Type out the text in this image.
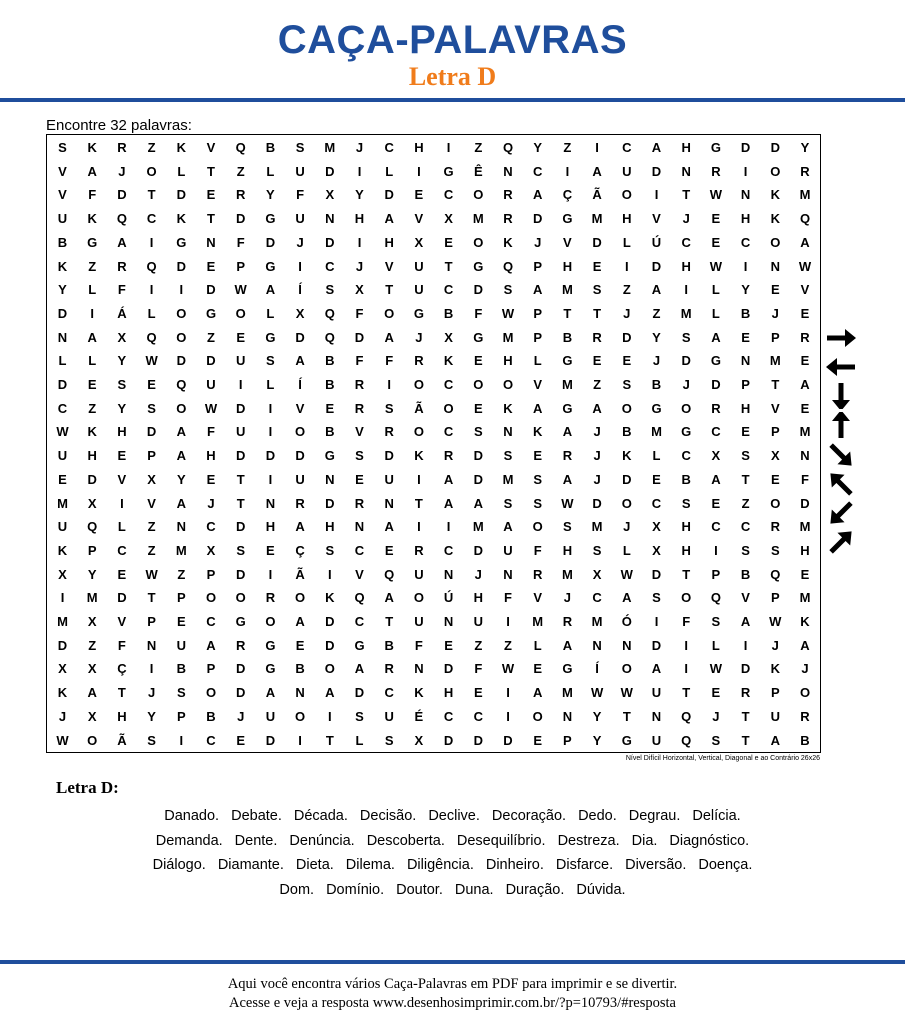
CAÇA-PALAVRAS
Letra D
Encontre 32 palavras:
S	K	R	Z	K	V	Q	B	S	M	J	C	H	I	Z	Q	Y	Z	I	C	A	H	G	D	D	Y
V	A	J	O	L	T	Z	L	U	D	I	L	I	G	Ê	N	C	I	A	U	D	N	R	I	O	R
V	F	D	T	D	E	R	Y	F	X	Y	D	E	C	O	R	A	Ç	Ã	O	I	T	W	N	K	M
U	K	Q	C	K	T	D	G	U	N	H	A	V	X	M	R	D	G	M	H	V	J	E	H	K	Q
B	G	A	I	G	N	F	D	J	D	I	H	X	E	O	K	J	V	D	L	Ú	C	E	C	O	A
K	Z	R	Q	D	E	P	G	I	C	J	V	U	T	G	Q	P	H	E	I	D	H	W	I	N	W
Y	L	F	I	I	D	W	A	Í	S	X	T	U	C	D	S	A	M	S	Z	A	I	L	Y	E	V
D	I	Á	L	O	G	O	L	X	Q	F	O	G	B	F	W	P	T	T	J	Z	M	L	B	J	E
N	A	X	Q	O	Z	E	G	D	Q	D	A	J	X	G	M	P	B	R	D	Y	S	A	E	P	R
L	L	Y	W	D	D	U	S	A	B	F	F	R	K	E	H	L	G	E	E	J	D	G	N	M	E
D	E	S	E	Q	U	I	L	Í	B	R	I	O	C	O	O	V	M	Z	S	B	J	D	P	T	A
C	Z	Y	S	O	W	D	I	V	E	R	S	Ã	O	E	K	A	G	A	O	G	O	R	H	V	E
W	K	H	D	A	F	U	I	O	B	V	R	O	C	S	N	K	A	J	B	M	G	C	E	P	M
U	H	E	P	A	H	D	D	D	G	S	D	K	R	D	S	E	R	J	K	L	C	X	S	X	N
E	D	V	X	Y	E	T	I	U	N	E	U	I	A	D	M	S	A	J	D	E	B	A	T	E	F
M	X	I	V	A	J	T	N	R	D	R	N	T	A	A	S	S	W	D	O	C	S	E	Z	O	D
U	Q	L	Z	N	C	D	H	A	H	N	A	I	I	M	A	O	S	M	J	X	H	C	C	R	M
K	P	C	Z	M	X	S	E	Ç	S	C	E	R	C	D	U	F	H	S	L	X	H	I	S	S	H
X	Y	E	W	Z	P	D	I	Ã	I	V	Q	U	N	J	N	R	M	X	W	D	T	P	B	Q	E
I	M	D	T	P	O	O	R	O	K	Q	A	O	Ú	H	F	V	J	C	A	S	O	Q	V	P	M
M	X	V	P	E	C	G	O	A	D	C	T	U	N	U	I	M	R	M	Ó	I	F	S	A	W	K
D	Z	F	N	U	A	R	G	E	D	G	B	F	E	Z	Z	L	A	N	N	D	I	L	I	J	A
X	X	Ç	I	B	P	D	G	B	O	A	R	N	D	F	W	E	G	Í	O	A	I	W	D	K	J
K	A	T	J	S	O	D	A	N	A	D	C	K	H	E	I	A	M	W	W	U	T	E	R	P	O
J	X	H	Y	P	B	J	U	O	I	S	U	É	C	C	I	O	N	Y	T	N	Q	J	T	U	R
W	O	Ã	S	I	C	E	D	I	T	L	S	X	D	D	D	E	P	Y	G	U	Q	S	T	A	B
Nível Difícil Horizontal, Vertical, Diagonal e ao Contrário 26x26
Letra D:
Danado. Debate. Década. Decisão. Declive. Decoração. Dedo. Degrau. Delícia.
Demanda. Dente. Denúncia. Descoberta. Desequilíbrio. Destreza. Dia. Diagnóstico.
Diálogo. Diamante. Dieta. Dilema. Diligência. Dinheiro. Disfarce. Diversão. Doença.
Dom. Domínio. Doutor. Duna. Duração. Dúvida.
Aqui você encontra vários Caça-Palavras em PDF para imprimir e se divertir.
Acesse e veja a resposta www.desenhosimprimir.com.br/?p=10793/#resposta
